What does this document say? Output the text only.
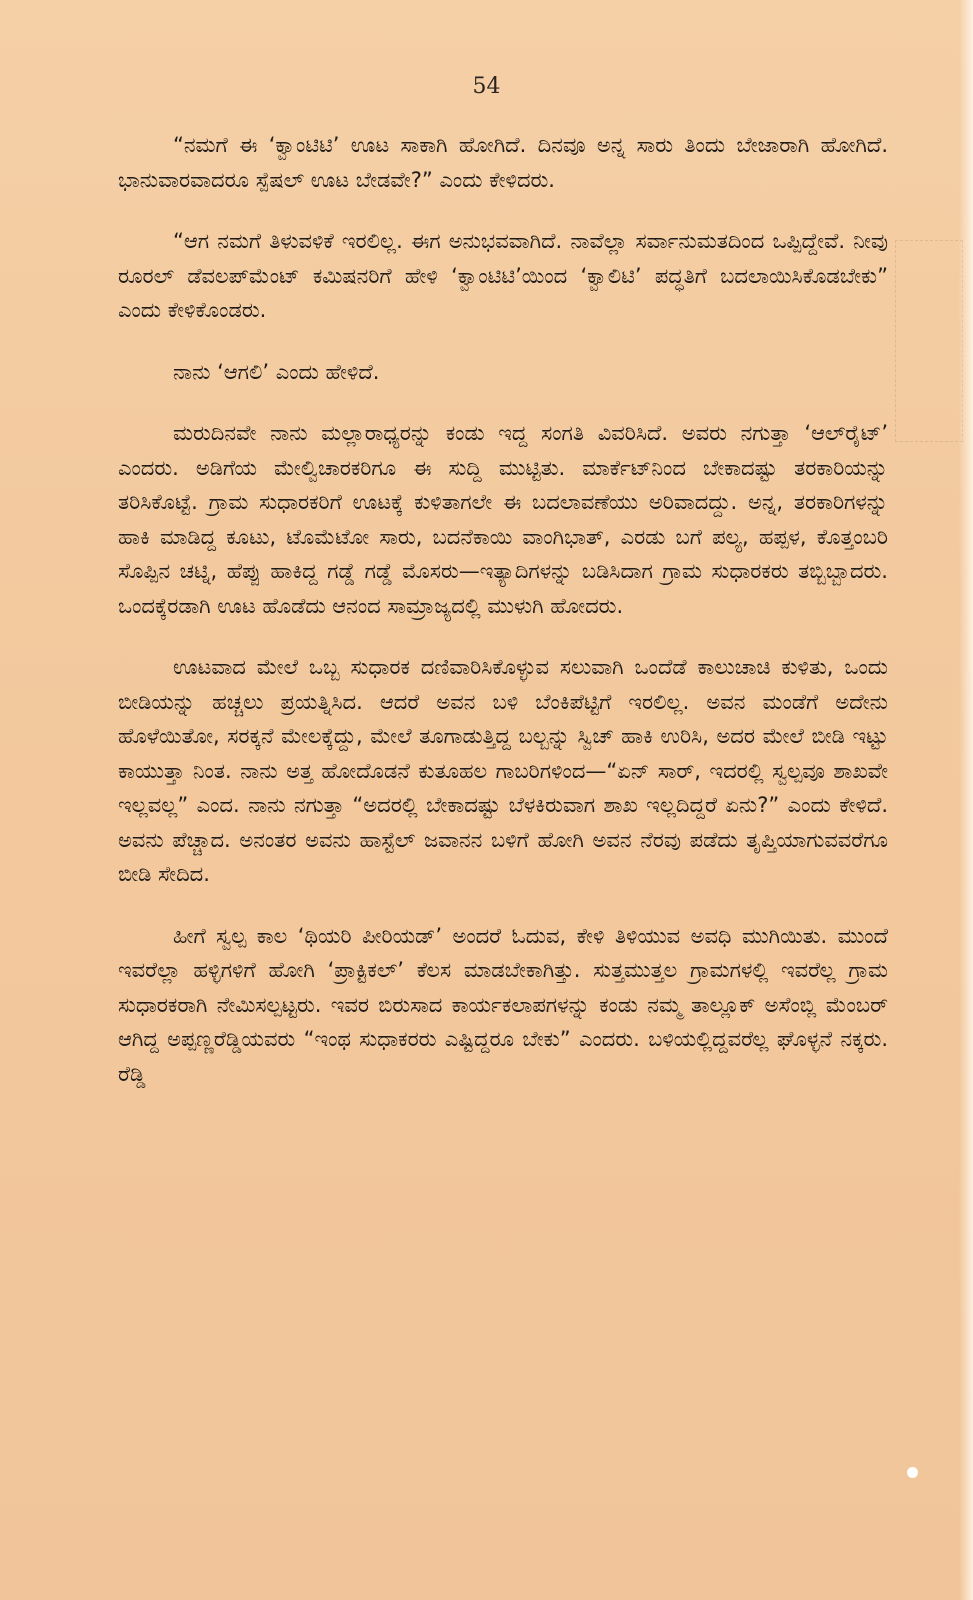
54

“ನಮಗೆ ಈ ‘ಕ್ವಾಂಟಿಟಿ’ ಊಟ ಸಾಕಾಗಿ ಹೋಗಿದೆ. ದಿನವೂ ಅನ್ನ ಸಾರು ತಿಂದು ಬೇಜಾರಾಗಿ ಹೋಗಿದೆ. ಭಾನುವಾರವಾದರೂ ಸ್ಪೆಷಲ್ ಊಟ ಬೇಡವೇ?” ಎಂದು ಕೇಳಿದರು.

“ಆಗ ನಮಗೆ ತಿಳುವಳಿಕೆ ಇರಲಿಲ್ಲ. ಈಗ ಅನುಭವವಾಗಿದೆ. ನಾವೆಲ್ಲಾ ಸರ್ವಾನುಮತದಿಂದ ಒಪ್ಪಿದ್ದೇವೆ. ನೀವು ರೂರಲ್ ಡೆವಲಪ್‌ಮೆಂಟ್ ಕಮಿಷನರಿಗೆ ಹೇಳಿ ‘ಕ್ವಾಂಟಿಟಿ’ಯಿಂದ ‘ಕ್ವಾಲಿಟಿ’ ಪದ್ಧತಿಗೆ ಬದಲಾಯಿಸಿಕೊಡಬೇಕು” ಎಂದು ಕೇಳಿಕೊಂಡರು.

ನಾನು ‘ಆಗಲಿ’ ಎಂದು ಹೇಳಿದೆ.

ಮರುದಿನವೇ ನಾನು ಮಲ್ಲಾರಾಧ್ಯರನ್ನು ಕಂಡು ಇದ್ದ ಸಂಗತಿ ವಿವರಿಸಿದೆ. ಅವರು ನಗುತ್ತಾ ‘ಆಲ್‌ರೈಟ್’ ಎಂದರು. ಅಡಿಗೆಯ ಮೇಲ್ವಿಚಾರಕರಿಗೂ ಈ ಸುದ್ದಿ ಮುಟ್ಟಿತು. ಮಾರ್ಕೆಟ್‌ನಿಂದ ಬೇಕಾದಷ್ಟು ತರಕಾರಿಯನ್ನು ತರಿಸಿಕೊಟ್ಟೆ. ಗ್ರಾಮ ಸುಧಾರಕರಿಗೆ ಊಟಕ್ಕೆ ಕುಳಿತಾಗಲೇ ಈ ಬದಲಾವಣೆಯು ಅರಿವಾದದ್ದು. ಅನ್ನ, ತರಕಾರಿಗಳನ್ನು ಹಾಕಿ ಮಾಡಿದ್ದ ಕೂಟು, ಟೊಮೆಟೋ ಸಾರು, ಬದನೆಕಾಯಿ ವಾಂಗಿಭಾತ್, ಎರಡು ಬಗೆ ಪಲ್ಯ, ಹಪ್ಪಳ, ಕೊತ್ತಂಬರಿ ಸೊಪ್ಪಿನ ಚಟ್ನಿ, ಹೆಪ್ಪು ಹಾಕಿದ್ದ ಗಡ್ಡೆ ಗಡ್ಡೆ ಮೊಸರು—ಇತ್ಯಾದಿಗಳನ್ನು ಬಡಿಸಿದಾಗ ಗ್ರಾಮ ಸುಧಾರಕರು ತಬ್ಬಿಬ್ಬಾದರು. ಒಂದಕ್ಕೆರಡಾಗಿ ಊಟ ಹೊಡೆದು ಆನಂದ ಸಾಮ್ರಾಜ್ಯದಲ್ಲಿ ಮುಳುಗಿ ಹೋದರು.

ಊಟವಾದ ಮೇಲೆ ಒಬ್ಬ ಸುಧಾರಕ ದಣಿವಾರಿಸಿಕೊಳ್ಳುವ ಸಲುವಾಗಿ ಒಂದೆಡೆ ಕಾಲುಚಾಚಿ ಕುಳಿತು, ಒಂದು ಬೀಡಿಯನ್ನು ಹಚ್ಚಲು ಪ್ರಯತ್ನಿಸಿದ. ಆದರೆ ಅವನ ಬಳಿ ಬೆಂಕಿಪೆಟ್ಟಿಗೆ ಇರಲಿಲ್ಲ. ಅವನ ಮಂಡೆಗೆ ಅದೇನು ಹೊಳೆಯಿತೋ, ಸರಕ್ಕನೆ ಮೇಲಕ್ಕೆದ್ದು, ಮೇಲೆ ತೂಗಾಡುತ್ತಿದ್ದ ಬಲ್ಬನ್ನು ಸ್ವಿಚ್ ಹಾಕಿ ಉರಿಸಿ, ಅದರ ಮೇಲೆ ಬೀಡಿ ಇಟ್ಟು ಕಾಯುತ್ತಾ ನಿಂತ. ನಾನು ಅತ್ತ ಹೋದೊಡನೆ ಕುತೂಹಲ ಗಾಬರಿಗಳಿಂದ—“ಏನ್ ಸಾರ್, ಇದರಲ್ಲಿ ಸ್ವಲ್ಪವೂ ಶಾಖವೇ ಇಲ್ಲವಲ್ಲ” ಎಂದ. ನಾನು ನಗುತ್ತಾ “ಅದರಲ್ಲಿ ಬೇಕಾದಷ್ಟು ಬೆಳಕಿರುವಾಗ ಶಾಖ ಇಲ್ಲದಿದ್ದರೆ ಏನು?” ಎಂದು ಕೇಳಿದೆ. ಅವನು ಪೆಚ್ಚಾದ. ಅನಂತರ ಅವನು ಹಾಸ್ಟೆಲ್ ಜವಾನನ ಬಳಿಗೆ ಹೋಗಿ ಅವನ ನೆರವು ಪಡೆದು ತೃಪ್ತಿಯಾಗುವವರೆಗೂ ಬೀಡಿ ಸೇದಿದ.

ಹೀಗೆ ಸ್ವಲ್ಪ ಕಾಲ ‘ಥಿಯರಿ ಪೀರಿಯಡ್’ ಅಂದರೆ ಓದುವ, ಕೇಳಿ ತಿಳಿಯುವ ಅವಧಿ ಮುಗಿಯಿತು. ಮುಂದೆ ಇವರೆಲ್ಲಾ ಹಳ್ಳಿಗಳಿಗೆ ಹೋಗಿ ‘ಪ್ರಾಕ್ಟಿಕಲ್’ ಕೆಲಸ ಮಾಡಬೇಕಾಗಿತ್ತು. ಸುತ್ತಮುತ್ತಲ ಗ್ರಾಮಗಳಲ್ಲಿ ಇವರೆಲ್ಲ ಗ್ರಾಮ ಸುಧಾರಕರಾಗಿ ನೇಮಿಸಲ್ಪಟ್ಟರು. ಇವರ ಬಿರುಸಾದ ಕಾರ್ಯಕಲಾಪಗಳನ್ನು ಕಂಡು ನಮ್ಮ ತಾಲ್ಲೂಕ್ ಅಸೆಂಬ್ಲಿ ಮೆಂಬರ್ ಆಗಿದ್ದ ಅಪ್ಪಣ್ಣರೆಡ್ಡಿಯವರು “ಇಂಥ ಸುಧಾಕರರು ಎಷ್ಟಿದ್ದರೂ ಬೇಕು” ಎಂದರು. ಬಳಿಯಲ್ಲಿದ್ದವರೆಲ್ಲ ಘೊಳ್ಳನೆ ನಕ್ಕರು. ರೆಡ್ಡಿ
